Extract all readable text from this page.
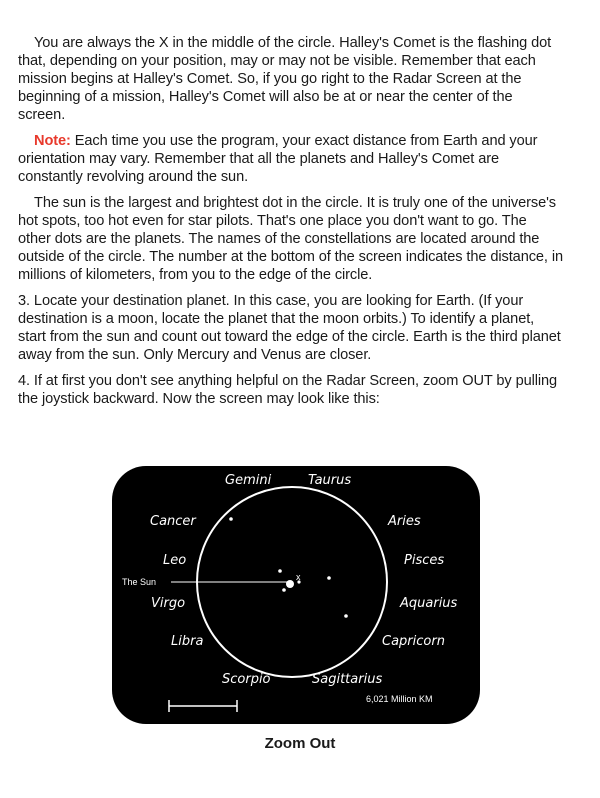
You are always the X in the middle of the circle. Halley's Comet is the flashing dot that, depending on your position, may or may not be visible. Remember that each mission begins at Halley's Comet. So, if you go right to the Radar Screen at the beginning of a mission, Halley's Comet will also be at or near the center of the screen.

Note: Each time you use the program, your exact distance from Earth and your orientation may vary. Remember that all the planets and Halley's Comet are constantly revolving around the sun.

The sun is the largest and brightest dot in the circle. It is truly one of the universe's hot spots, too hot even for star pilots. That's one place you don't want to go. The other dots are the planets. The names of the constellations are located around the outside of the circle. The number at the bottom of the screen indicates the distance, in millions of kilometers, from you to the edge of the circle.

3. Locate your destination planet. In this case, you are looking for Earth. (If your destination is a moon, locate the planet that the moon orbits.) To identify a planet, start from the sun and count out toward the edge of the circle. Earth is the third planet away from the sun. Only Mercury and Venus are closer.

4. If at first you don't see anything helpful on the Radar Screen, zoom OUT by pulling the joystick backward. Now the screen may look like this:

x
Gemini	Taurus
Cancer	Aries
Leo	Pisces
The Sun
Virgo	Aquarius
Libra	Capricorn
Scorpio	Sagittarius
6,021 Million KM
Zoom Out
